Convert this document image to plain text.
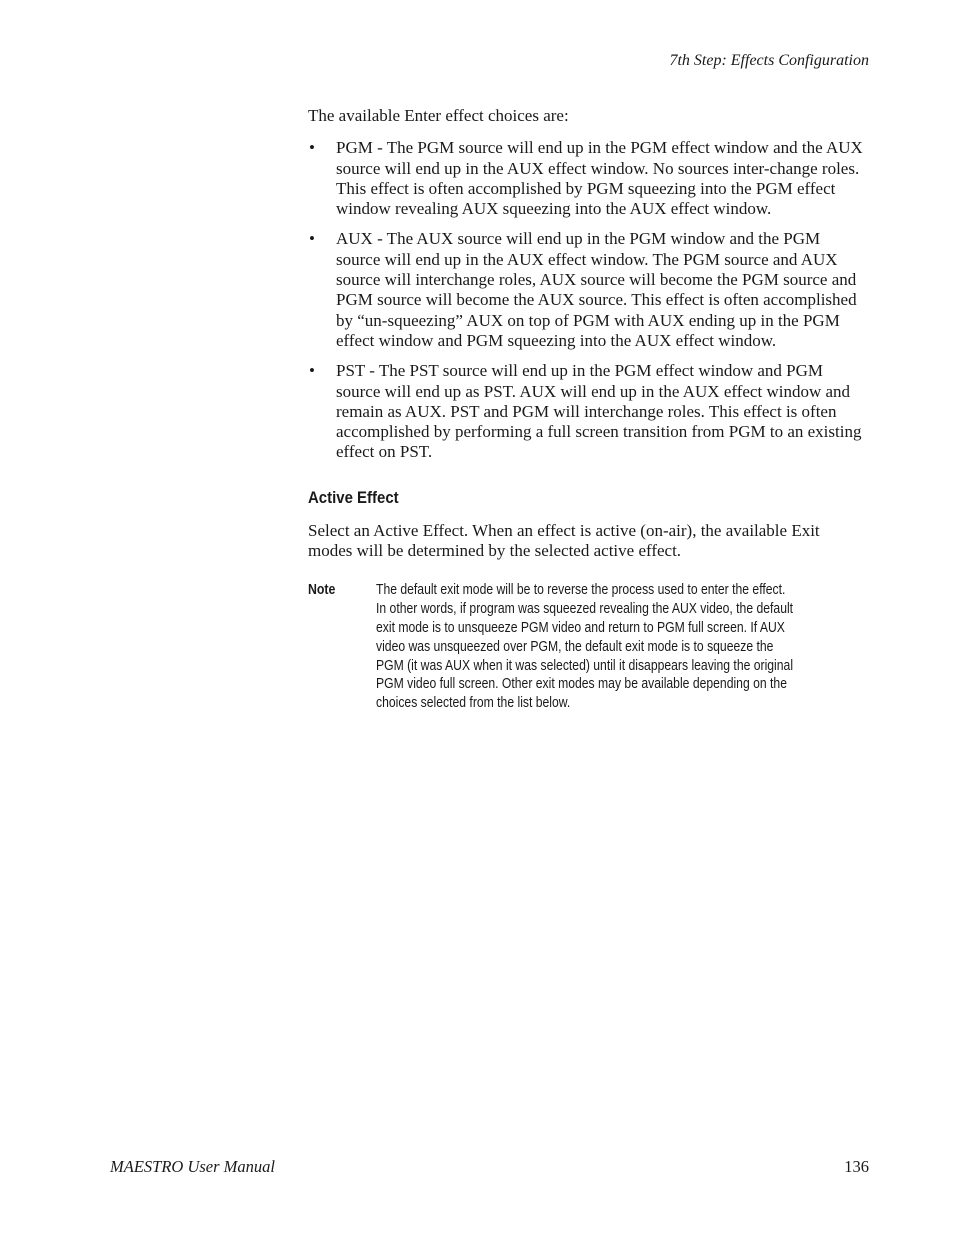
7th Step: Effects Configuration

The available Enter effect choices are:

• PGM - The PGM source will end up in the PGM effect window and the AUX source will end up in the AUX effect window. No sources inter-change roles. This effect is often accomplished by PGM squeezing into the PGM effect window revealing AUX squeezing into the AUX effect window.
• AUX - The AUX source will end up in the PGM window and the PGM source will end up in the AUX effect window. The PGM source and AUX source will interchange roles, AUX source will become the PGM source and PGM source will become the AUX source. This effect is often accomplished by “un-squeezing” AUX on top of PGM with AUX ending up in the PGM effect window and PGM squeezing into the AUX effect window.
• PST - The PST source will end up in the PGM effect window and PGM source will end up as PST. AUX will end up in the AUX effect window and remain as AUX. PST and PGM will interchange roles. This effect is often accomplished by performing a full screen transition from PGM to an existing effect on PST.
Active Effect

Select an Active Effect. When an effect is active (on-air), the available Exit modes will be determined by the selected active effect.

Note	The default exit mode will be to reverse the process used to enter the effect.
In other words, if program was squeezed revealing the AUX video, the default
exit mode is to unsqueeze PGM video and return to PGM full screen. If AUX
video was unsqueezed over PGM, the default exit mode is to squeeze the
PGM (it was AUX when it was selected) until it disappears leaving the original
PGM video full screen. Other exit modes may be available depending on the
choices selected from the list below.
MAESTRO User Manual	136
